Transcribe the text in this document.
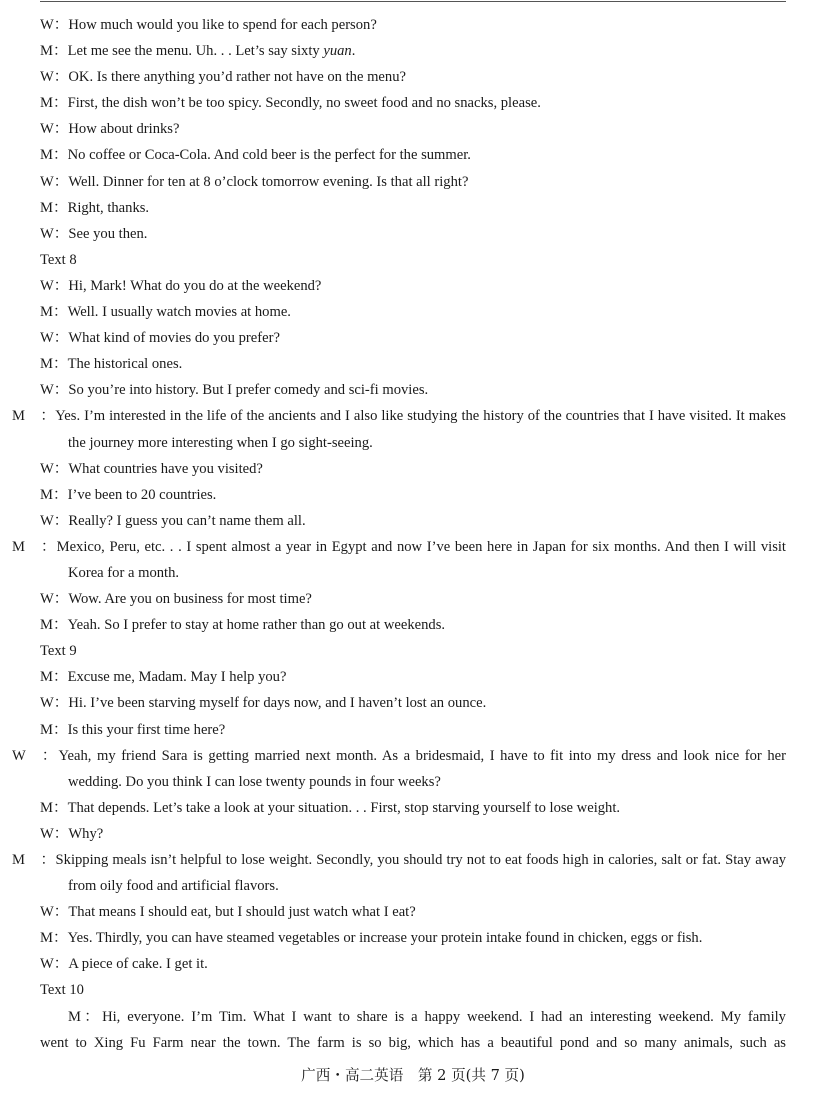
W：How much would you like to spend for each person?

M：Let me see the menu. Uh. . . Let’s say sixty yuan.

W：OK. Is there anything you’d rather not have on the menu?

M：First, the dish won’t be too spicy. Secondly, no sweet food and no snacks, please.

W：How about drinks?

M：No coffee or Coca-Cola. And cold beer is the perfect for the summer.

W：Well. Dinner for ten at 8 o’clock tomorrow evening. Is that all right?

M：Right, thanks.

W：See you then.

Text 8

W：Hi, Mark! What do you do at the weekend?

M：Well. I usually watch movies at home.

W：What kind of movies do you prefer?

M：The historical ones.

W：So you’re into history. But I prefer comedy and sci-fi movies.

M ：Yes. I’m interested in the life of the ancients and I also like studying the history of the countries that I have visited. It makes the journey more interesting when I go sight-seeing.

W：What countries have you visited?

M：I’ve been to 20 countries.

W：Really? I guess you can’t name them all.

M ：Mexico, Peru, etc. . . I spent almost a year in Egypt and now I’ve been here in Japan for six months. And then I will visit Korea for a month.

W：Wow. Are you on business for most time?

M：Yeah. So I prefer to stay at home rather than go out at weekends.

Text 9

M：Excuse me, Madam. May I help you?

W：Hi. I’ve been starving myself for days now, and I haven’t lost an ounce.

M：Is this your first time here?

W ：Yeah, my friend Sara is getting married next month. As a bridesmaid, I have to fit into my dress and look nice for her wedding. Do you think I can lose twenty pounds in four weeks?

M：That depends. Let’s take a look at your situation. . . First, stop starving yourself to lose weight.

W：Why?

M ：Skipping meals isn’t helpful to lose weight. Secondly, you should try not to eat foods high in calories, salt or fat. Stay away from oily food and artificial flavors.

W：That means I should eat, but I should just watch what I eat?

M：Yes. Thirdly, you can have steamed vegetables or increase your protein intake found in chicken, eggs or fish.

W：A piece of cake. I get it.

Text 10

M：Hi, everyone. I’m Tim. What I want to share is a happy weekend. I had an interesting weekend. My family

went to Xing Fu Farm near the town. The farm is so big, which has a beautiful pond and so many animals, such as

广西・高二英语　第 2 页(共 7 页)
